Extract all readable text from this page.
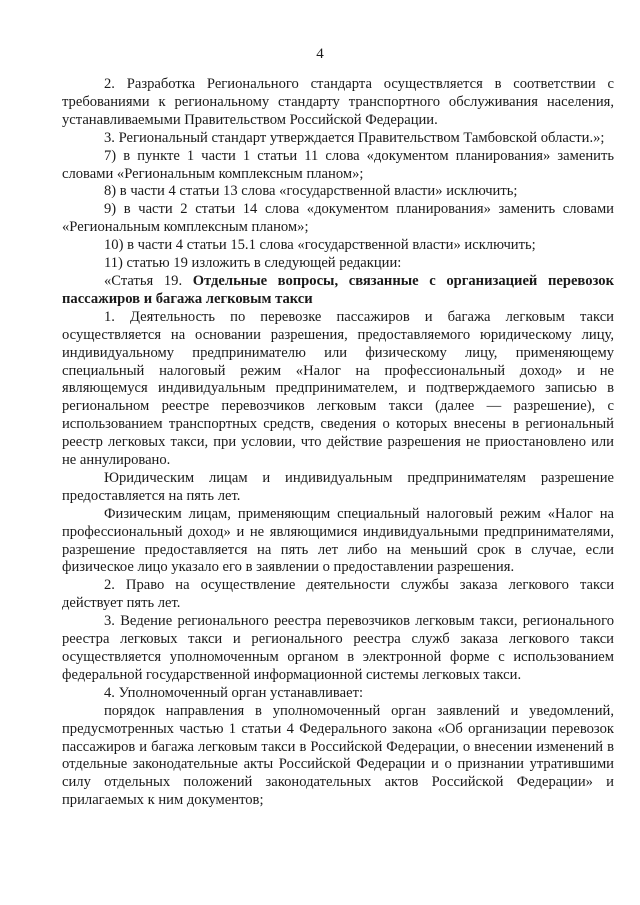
4

2. Разработка Регионального стандарта осуществляется в соответствии с требованиями к региональному стандарту транспортного обслуживания населения, устанавливаемыми Правительством Российской Федерации.

3. Региональный стандарт утверждается Правительством Тамбовской области.»;

7) в пункте 1 части 1 статьи 11 слова «документом планирования» заменить словами «Региональным комплексным планом»;

8) в части 4 статьи 13 слова «государственной власти» исключить;

9) в части 2 статьи 14 слова «документом планирования» заменить словами «Региональным комплексным планом»;

10) в части 4 статьи 15.1 слова «государственной власти» исключить;

11) статью 19 изложить в следующей редакции:

«Статья 19. Отдельные вопросы, связанные с организацией перевозок пассажиров и багажа легковым такси

1. Деятельность по перевозке пассажиров и багажа легковым такси осуществляется на основании разрешения, предоставляемого юридическому лицу, индивидуальному предпринимателю или физическому лицу, применяющему специальный налоговый режим «Налог на профессиональный доход» и не являющемуся индивидуальным предпринимателем, и подтверждаемого записью в региональном реестре перевозчиков легковым такси (далее — разрешение), с использованием транспортных средств, сведения о которых внесены в региональный реестр легковых такси, при условии, что действие разрешения не приостановлено или не аннулировано.

Юридическим лицам и индивидуальным предпринимателям разрешение предоставляется на пять лет.

Физическим лицам, применяющим специальный налоговый режим «Налог на профессиональный доход» и не являющимися индивидуальными предпринимателями, разрешение предоставляется на пять лет либо на меньший срок в случае, если физическое лицо указало его в заявлении о предоставлении разрешения.

2. Право на осуществление деятельности службы заказа легкового такси действует пять лет.

3. Ведение регионального реестра перевозчиков легковым такси, регионального реестра легковых такси и регионального реестра служб заказа легкового такси осуществляется уполномоченным органом в электронной форме с использованием федеральной государственной информационной системы легковых такси.

4. Уполномоченный орган устанавливает:

порядок направления в уполномоченный орган заявлений и уведомлений, предусмотренных частью 1 статьи 4 Федерального закона «Об организации перевозок пассажиров и багажа легковым такси в Российской Федерации, о внесении изменений в отдельные законодательные акты Российской Федерации и о признании утратившими силу отдельных положений законодательных актов Российской Федерации» и прилагаемых к ним документов;
